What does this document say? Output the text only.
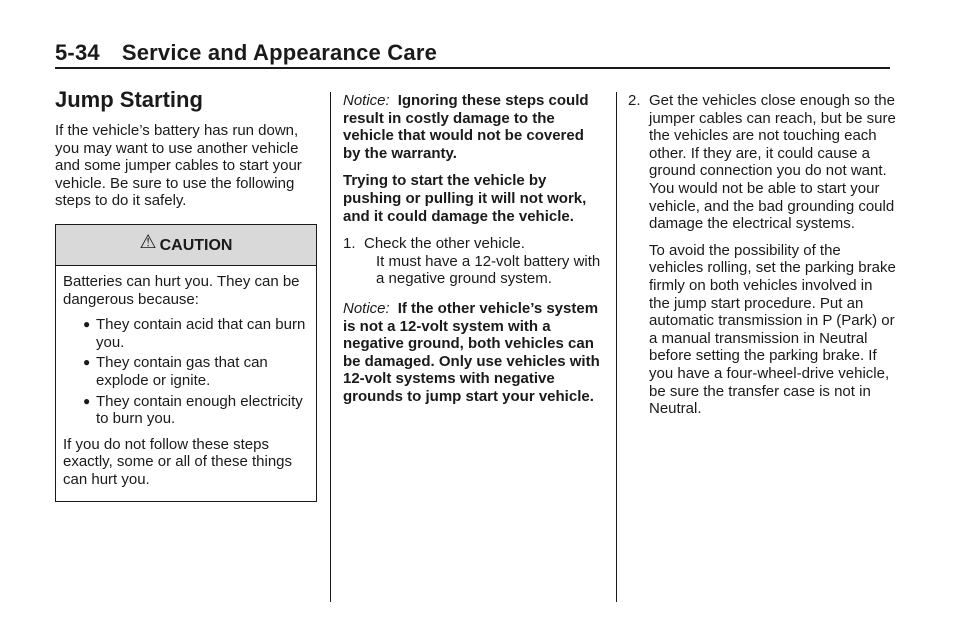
5-34 Service and Appearance Care
Jump Starting

If the vehicle’s battery has run down, you may want to use another vehicle and some jumper cables to start your vehicle. Be sure to use the following steps to do it safely.

⚠ CAUTION

Batteries can hurt you. They can be dangerous because:

● They contain acid that can burn you.
● They contain gas that can explode or ignite.
● They contain enough electricity to burn you.

If you do not follow these steps exactly, some or all of these things can hurt you.

Notice: Ignoring these steps could result in costly damage to the vehicle that would not be covered by the warranty.

Trying to start the vehicle by pushing or pulling it will not work, and it could damage the vehicle.

1. Check the other vehicle.
It must have a 12-volt battery with a negative ground system.

Notice: If the other vehicle’s system is not a 12-volt system with a negative ground, both vehicles can be damaged. Only use vehicles with 12-volt systems with negative grounds to jump start your vehicle.

2. Get the vehicles close enough so the jumper cables can reach, but be sure the vehicles are not touching each other. If they are, it could cause a ground connection you do not want. You would not be able to start your vehicle, and the bad grounding could damage the electrical systems.
To avoid the possibility of the vehicles rolling, set the parking brake firmly on both vehicles involved in the jump start procedure. Put an automatic transmission in P (Park) or a manual transmission in Neutral before setting the parking brake. If you have a four-wheel-drive vehicle, be sure the transfer case is not in Neutral.
